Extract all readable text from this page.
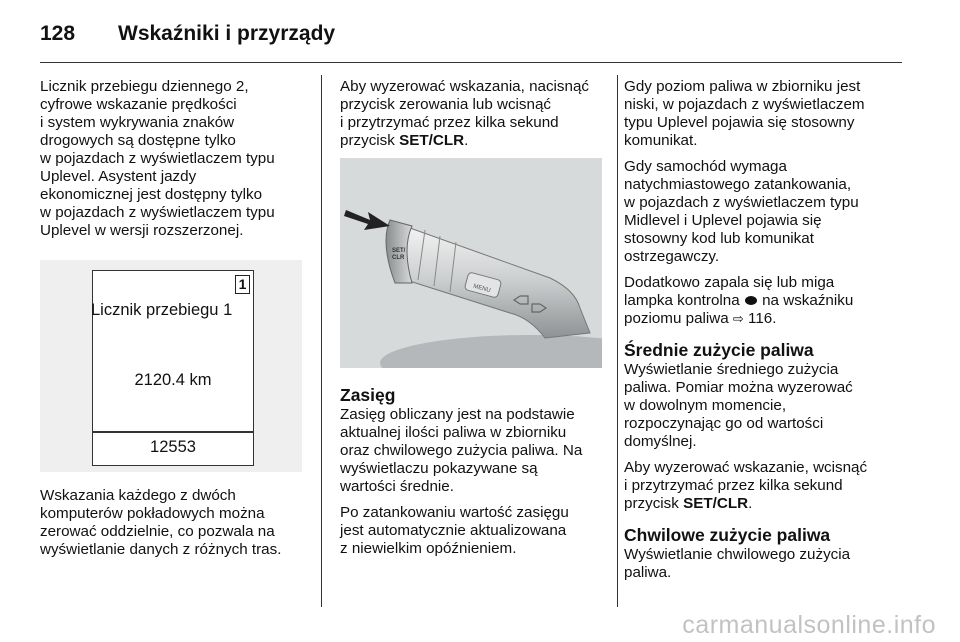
128 Wskaźniki i przyrządy

Licznik przebiegu dziennego 2,
cyfrowe wskazanie prędkości
i system wykrywania znaków
drogowych są dostępne tylko
w pojazdach z wyświetlaczem typu
Uplevel. Asystent jazdy
ekonomicznej jest dostępny tylko
w pojazdach z wyświetlaczem typu
Uplevel w wersji rozszerzonej.

1
Licznik przebiegu 1
2120.4 km
12553

Wskazania każdego z dwóch
komputerów pokładowych można
zerować oddzielnie, co pozwala na
wyświetlanie danych z różnych tras.

Aby wyzerować wskazania, nacisnąć
przycisk zerowania lub wcisnąć
i przytrzymać przez kilka sekund
przycisk SET/CLR.

MENU
SET/
CLR
Zasięg

Zasięg obliczany jest na podstawie
aktualnej ilości paliwa w zbiorniku
oraz chwilowego zużycia paliwa. Na
wyświetlaczu pokazywane są
wartości średnie.

Po zatankowaniu wartość zasięgu
jest automatycznie aktualizowana
z niewielkim opóźnieniem.

Gdy poziom paliwa w zbiorniku jest
niski, w pojazdach z wyświetlaczem
typu Uplevel pojawia się stosowny
komunikat.

Gdy samochód wymaga
natychmiastowego zatankowania,
w pojazdach z wyświetlaczem typu
Midlevel i Uplevel pojawia się
stosowny kod lub komunikat
ostrzegawczy.

Dodatkowo zapala się lub miga
lampka kontrolna  na wskaźniku
poziomu paliwa ⇨ 116.

Średnie zużycie paliwa

Wyświetlanie średniego zużycia
paliwa. Pomiar można wyzerować
w dowolnym momencie,
rozpoczynając go od wartości
domyślnej.

Aby wyzerować wskazanie, wcisnąć
i przytrzymać przez kilka sekund
przycisk SET/CLR.

Chwilowe zużycie paliwa

Wyświetlanie chwilowego zużycia
paliwa.

carmanualsonline.info
